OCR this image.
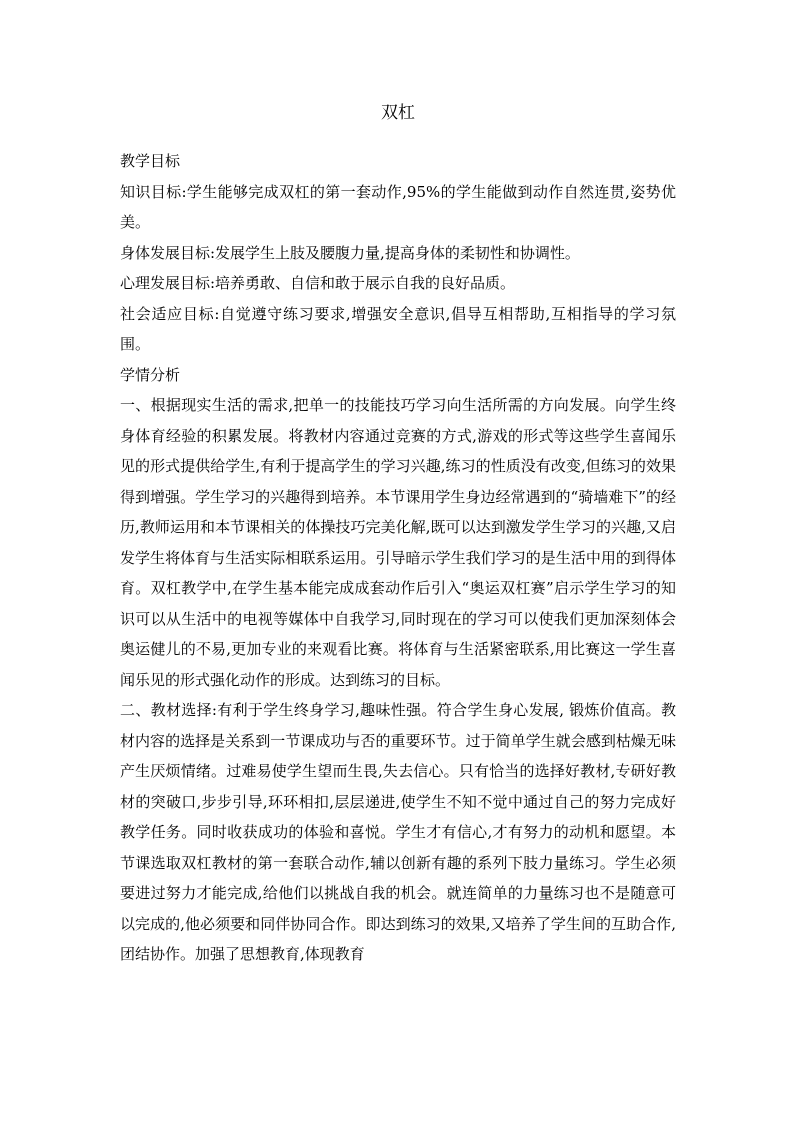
双杠

教学目标

知识目标:学生能够完成双杠的第一套动作,95%的学生能做到动作自然连贯,姿势优美。

身体发展目标:发展学生上肢及腰腹力量,提高身体的柔韧性和协调性。

心理发展目标:培养勇敢、自信和敢于展示自我的良好品质。

社会适应目标:自觉遵守练习要求,增强安全意识,倡导互相帮助,互相指导的学习氛围。

学情分析

一、根据现实生活的需求,把单一的技能技巧学习向生活所需的方向发展。向学生终身体育经验的积累发展。将教材内容通过竞赛的方式,游戏的形式等这些学生喜闻乐见的形式提供给学生,有利于提高学生的学习兴趣,练习的性质没有改变,但练习的效果得到增强。学生学习的兴趣得到培养。本节课用学生身边经常遇到的“骑墙难下”的经历,教师运用和本节课相关的体操技巧完美化解,既可以达到激发学生学习的兴趣,又启发学生将体育与生活实际相联系运用。引导暗示学生我们学习的是生活中用的到得体育。双杠教学中,在学生基本能完成成套动作后引入“奥运双杠赛”启示学生学习的知识可以从生活中的电视等媒体中自我学习,同时现在的学习可以使我们更加深刻体会奥运健儿的不易,更加专业的来观看比赛。将体育与生活紧密联系,用比赛这一学生喜闻乐见的形式强化动作的形成。达到练习的目标。

二、教材选择:有利于学生终身学习,趣味性强。符合学生身心发展, 锻炼价值高。教材内容的选择是关系到一节课成功与否的重要环节。过于简单学生就会感到枯燥无味产生厌烦情绪。过难易使学生望而生畏,失去信心。只有恰当的选择好教材,专研好教材的突破口,步步引导,环环相扣,层层递进,使学生不知不觉中通过自己的努力完成好教学任务。同时收获成功的体验和喜悦。学生才有信心,才有努力的动机和愿望。本节课选取双杠教材的第一套联合动作,辅以创新有趣的系列下肢力量练习。学生必须要进过努力才能完成,给他们以挑战自我的机会。就连简单的力量练习也不是随意可以完成的,他必须要和同伴协同合作。即达到练习的效果,又培养了学生间的互助合作,团结协作。加强了思想教育,体现教育
